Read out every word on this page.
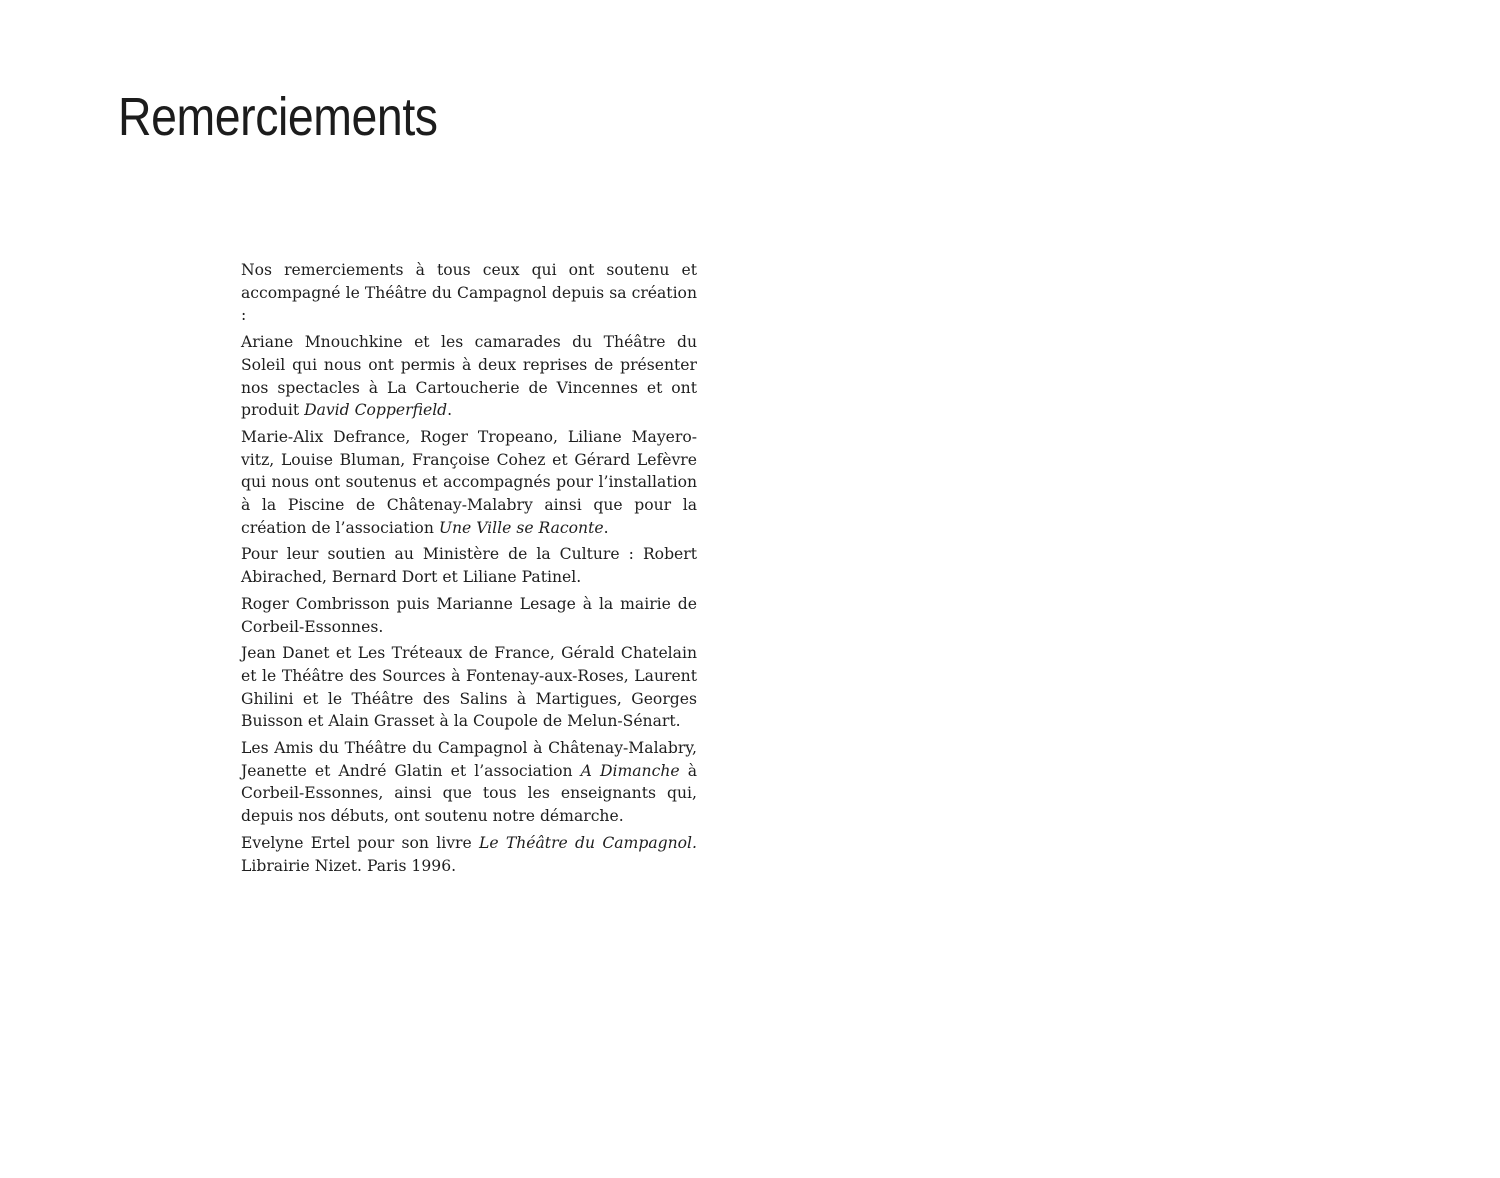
Remerciements

Nos remerciements à tous ceux qui ont soutenu et accompagné le Théâtre du Campagnol depuis sa création :

Ariane Mnouchkine et les camarades du Théâtre du Soleil qui nous ont permis à deux reprises de présenter nos spectacles à La Cartoucherie de Vincennes et ont produit David Copperfield.

Marie-Alix Defrance, Roger Tropeano, Liliane Mayerovitz, Louise Bluman, Françoise Cohez et Gérard Lefèvre qui nous ont soutenus et accompagnés pour l’installation à la Piscine de Châtenay-Malabry ainsi que pour la création de l’association Une Ville se Raconte.

Pour leur soutien au Ministère de la Culture : Robert Abirached, Bernard Dort et Liliane Patinel.

Roger Combrisson puis Marianne Lesage à la mairie de Corbeil-Essonnes.

Jean Danet et Les Tréteaux de France, Gérald Chatelain et le Théâtre des Sources à Fontenay-aux-Roses, Laurent Ghilini et le Théâtre des Salins à Martigues, Georges Buisson et Alain Grasset à la Coupole de Melun-Sénart.

Les Amis du Théâtre du Campagnol à Châtenay-Malabry, Jeanette et André Glatin et l’association A Dimanche à Corbeil-Essonnes, ainsi que tous les enseignants qui, depuis nos débuts, ont soutenu notre démarche.

Evelyne Ertel pour son livre Le Théâtre du Campagnol. Librairie Nizet. Paris 1996.
